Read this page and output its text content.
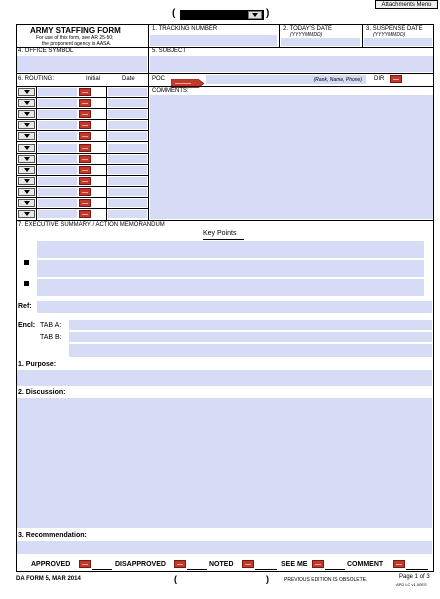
Attachments Menu
(	)
ARMY STAFFING FORM
For use of this form, see AR 25-50;
the proponent agency is AASA.
1. TRACKING NUMBER	2. TODAY'S DATE
(YYYYMMDD)
3. SUSPENSE DATE
(YYYYMMDD)
4. OFFICE SYMBOL	5. SUBJECT
6. ROUTING:	Initial	Date	POC	(Rank, Name, Phone) DIR
COMMENTS:
7. EXECUTIVE SUMMARY / ACTION MEMORANDUM
Key Points
Ref:
Encl: TAB A:
TAB B:
1. Purpose:
2. Discussion:
3. Recommendation:
APPROVED	DISAPPROVED	NOTED	SEE ME	COMMENT
DA FORM 5, MAR 2014	(	)	PREVIOUS EDITION IS OBSOLETE.	Page 1 of 3
APD LC v1.00ES
